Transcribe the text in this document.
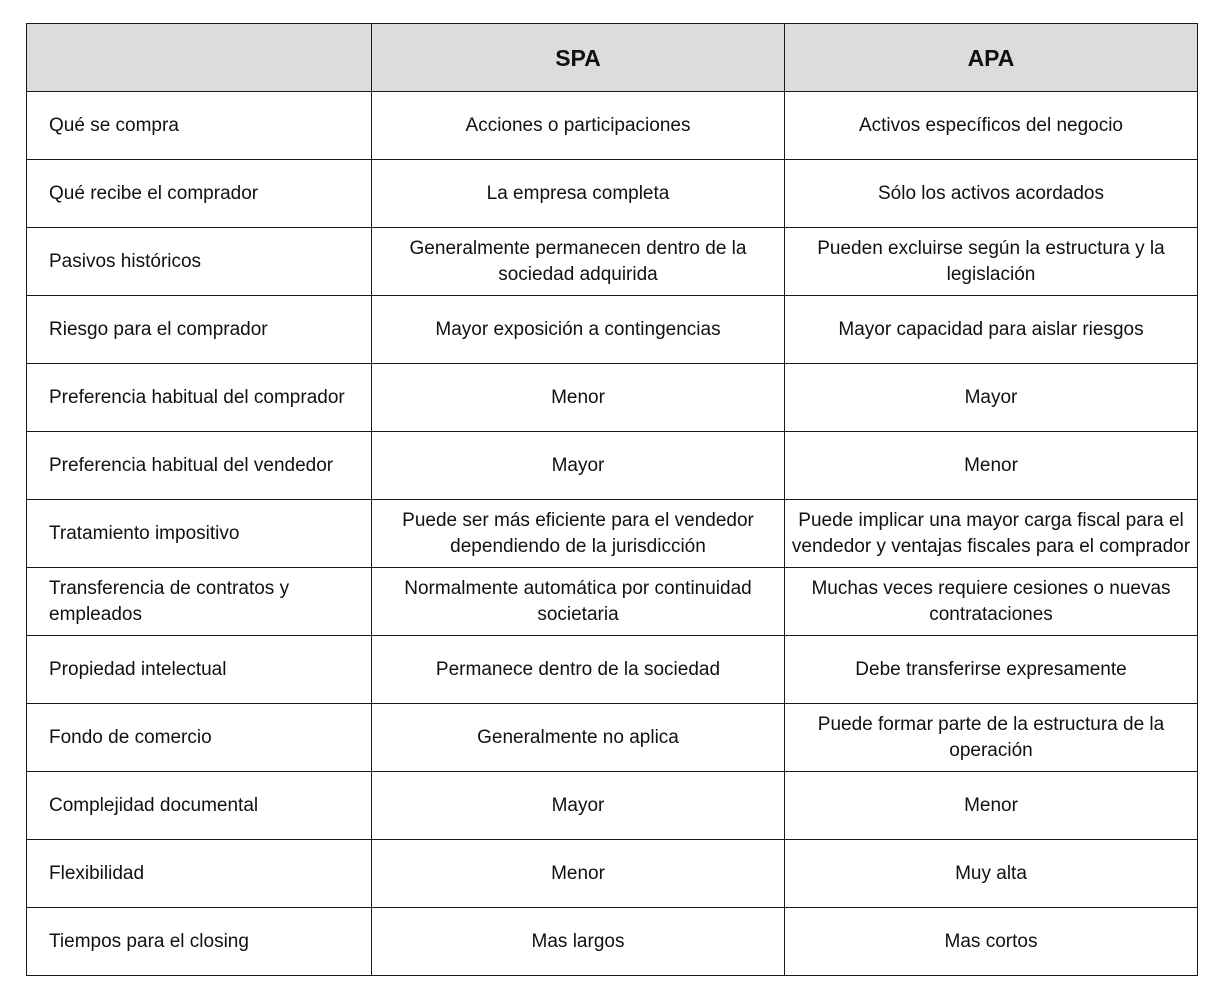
	SPA	APA
Qué se compra	Acciones o participaciones	Activos específicos del negocio
Qué recibe el comprador	La empresa completa	Sólo los activos acordados
Pasivos históricos	Generalmente permanecen dentro de la sociedad adquirida	Pueden excluirse según la estructura y la legislación
Riesgo para el comprador	Mayor exposición a contingencias	Mayor capacidad para aislar riesgos
Preferencia habitual del comprador	Menor	Mayor
Preferencia habitual del vendedor	Mayor	Menor
Tratamiento impositivo	Puede ser más eficiente para el vendedor dependiendo de la jurisdicción	Puede implicar una mayor carga fiscal para el vendedor y ventajas fiscales para el comprador
Transferencia de contratos y empleados	Normalmente automática por continuidad societaria	Muchas veces requiere cesiones o nuevas contrataciones
Propiedad intelectual	Permanece dentro de la sociedad	Debe transferirse expresamente
Fondo de comercio	Generalmente no aplica	Puede formar parte de la estructura de la operación
Complejidad documental	Mayor	Menor
Flexibilidad	Menor	Muy alta
Tiempos para el closing	Mas largos	Mas cortos
